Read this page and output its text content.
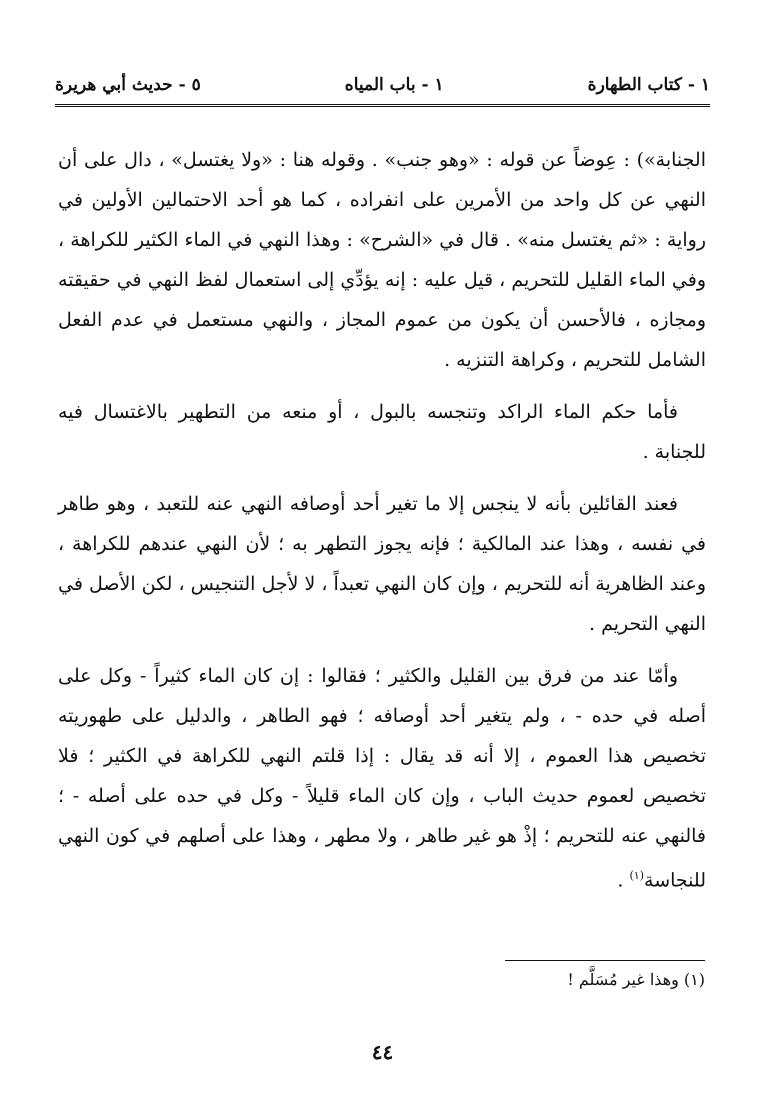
١ - كتاب الطهارة
١ - باب المياه
٥ - حديث أبي هريرة

الجنابة») : عِوضاً عن قوله : «وهو جنب» . وقوله هنا : «ولا يغتسل» ، دال على أن النهي عن كل واحد من الأمرين على انفراده ، كما هو أحد الاحتمالين الأولين في رواية : «ثم يغتسل منه» . قال في «الشرح» : وهذا النهي في الماء الكثير للكراهة ، وفي الماء القليل للتحريم ، قيل عليه : إنه يؤدِّي إلى استعمال لفظ النهي في حقيقته ومجازه ، فالأحسن أن يكون من عموم المجاز ، والنهي مستعمل في عدم الفعل الشامل للتحريم ، وكراهة التنزيه .

فأما حكم الماء الراكد وتنجسه بالبول ، أو منعه من التطهير بالاغتسال فيه للجنابة .

فعند القائلين بأنه لا ينجس إلا ما تغير أحد أوصافه النهي عنه للتعبد ، وهو طاهر في نفسه ، وهذا عند المالكية ؛ فإنه يجوز التطهر به ؛ لأن النهي عندهم للكراهة ، وعند الظاهرية أنه للتحريم ، وإن كان النهي تعبداً ، لا لأجل التنجيس ، لكن الأصل في النهي التحريم .

وأمّا عند من فرق بين القليل والكثير ؛ فقالوا : إن كان الماء كثيراً - وكل على أصله في حده - ، ولم يتغير أحد أوصافه ؛ فهو الطاهر ، والدليل على طهوريته تخصيص هذا العموم ، إلا أنه قد يقال : إذا قلتم النهي للكراهة في الكثير ؛ فلا تخصيص لعموم حديث الباب ، وإن كان الماء قليلاً - وكل في حده على أصله - ؛ فالنهي عنه للتحريم ؛ إذْ هو غير طاهر ، ولا مطهر ، وهذا على أصلهم في كون النهي للنجاسة$^{(١)}$ .

(١) وهذا غير مُسَلَّم !
٤٤
